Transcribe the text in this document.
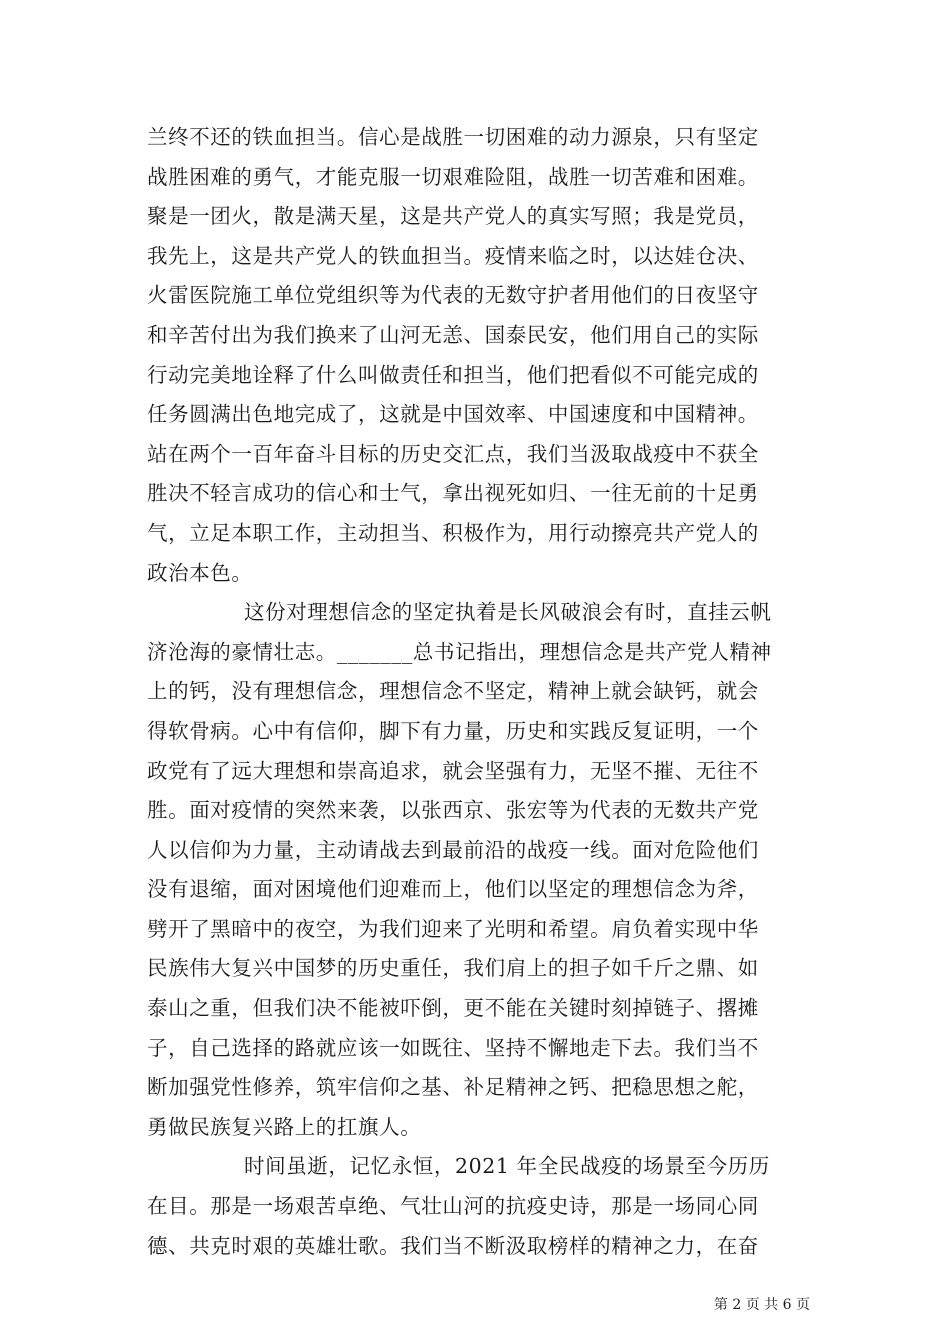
兰终不还的铁血担当。信心是战胜一切困难的动力源泉，只有坚定
战胜困难的勇气，才能克服一切艰难险阻，战胜一切苦难和困难。
聚是一团火，散是满天星，这是共产党人的真实写照；我是党员，
我先上，这是共产党人的铁血担当。疫情来临之时，以达娃仓决、
火雷医院施工单位党组织等为代表的无数守护者用他们的日夜坚守
和辛苦付出为我们换来了山河无恙、国泰民安，他们用自己的实际
行动完美地诠释了什么叫做责任和担当，他们把看似不可能完成的
任务圆满出色地完成了，这就是中国效率、中国速度和中国精神。
站在两个一百年奋斗目标的历史交汇点，我们当汲取战疫中不获全
胜决不轻言成功的信心和士气，拿出视死如归、一往无前的十足勇
气，立足本职工作，主动担当、积极作为，用行动擦亮共产党人的
政治本色。
这份对理想信念的坚定执着是长风破浪会有时，直挂云帆
济沧海的豪情壮志。_______总书记指出，理想信念是共产党人精神
上的钙，没有理想信念，理想信念不坚定，精神上就会缺钙，就会
得软骨病。心中有信仰，脚下有力量，历史和实践反复证明，一个
政党有了远大理想和崇高追求，就会坚强有力，无坚不摧、无往不
胜。面对疫情的突然来袭，以张西京、张宏等为代表的无数共产党
人以信仰为力量，主动请战去到最前沿的战疫一线。面对危险他们
没有退缩，面对困境他们迎难而上，他们以坚定的理想信念为斧，
劈开了黑暗中的夜空，为我们迎来了光明和希望。肩负着实现中华
民族伟大复兴中国梦的历史重任，我们肩上的担子如千斤之鼎、如
泰山之重，但我们决不能被吓倒，更不能在关键时刻掉链子、撂摊
子，自己选择的路就应该一如既往、坚持不懈地走下去。我们当不
断加强党性修养，筑牢信仰之基、补足精神之钙、把稳思想之舵，
勇做民族复兴路上的扛旗人。
时间虽逝，记忆永恒，2021 年全民战疫的场景至今历历
在目。那是一场艰苦卓绝、气壮山河的抗疫史诗，那是一场同心同
德、共克时艰的英雄壮歌。我们当不断汲取榜样的精神之力，在奋
第 2 页 共 6 页
